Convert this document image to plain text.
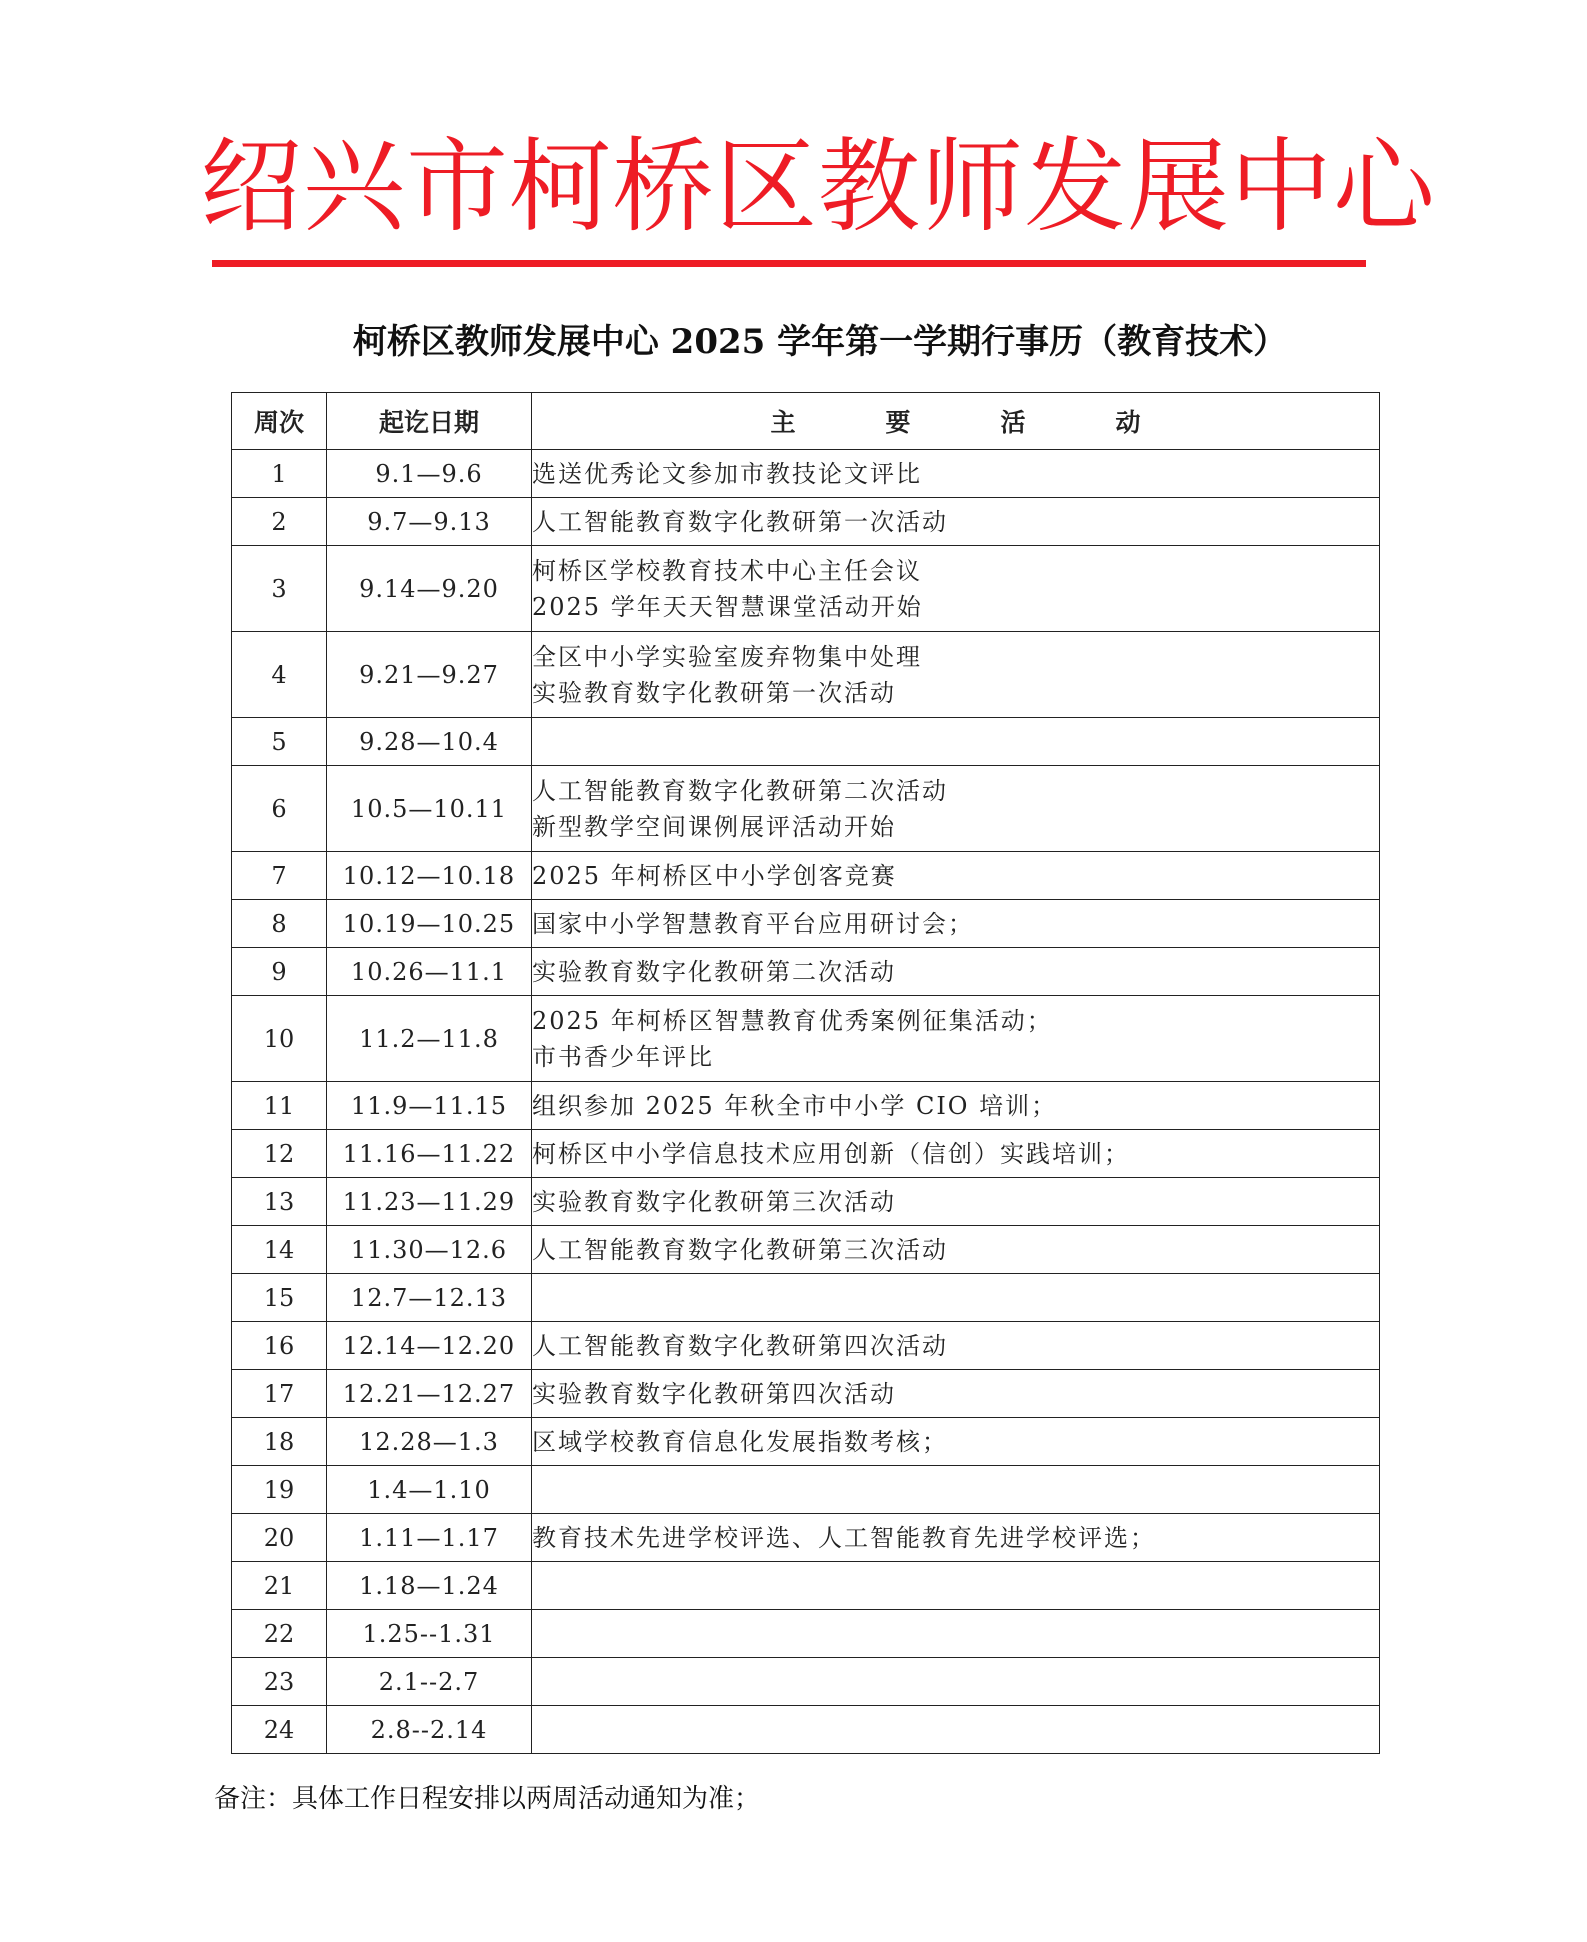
绍兴市柯桥区教师发展中心
柯桥区教师发展中心 2025 学年第一学期行事历（教育技术）
周次	起讫日期	主 要 活 动

1	9.1—9.6	选送优秀论文参加市教技论文评比

2	9.7—9.13	人工智能教育数字化教研第一次活动

3	9.14—9.20	柯桥区学校教育技术中心主任会议
2025 学年天天智慧课堂活动开始

4	9.21—9.27	全区中小学实验室废弃物集中处理
实验教育数字化教研第一次活动

5	9.28—10.4	
6	10.5—10.11	人工智能教育数字化教研第二次活动
新型教学空间课例展评活动开始

7	10.12—10.18	2025 年柯桥区中小学创客竞赛

8	10.19—10.25	国家中小学智慧教育平台应用研讨会；

9	10.26—11.1	实验教育数字化教研第二次活动

10	11.2—11.8	2025 年柯桥区智慧教育优秀案例征集活动；
市书香少年评比

11	11.9—11.15	组织参加 2025 年秋全市中小学 CIO 培训；

12	11.16—11.22	柯桥区中小学信息技术应用创新（信创）实践培训；

13	11.23—11.29	实验教育数字化教研第三次活动

14	11.30—12.6	人工智能教育数字化教研第三次活动

15	12.7—12.13	
16	12.14—12.20	人工智能教育数字化教研第四次活动

17	12.21—12.27	实验教育数字化教研第四次活动

18	12.28—1.3	区域学校教育信息化发展指数考核；

19	1.4—1.10	
20	1.11—1.17	教育技术先进学校评选、人工智能教育先进学校评选；

21	1.18—1.24	
22	1.25--1.31	
23	2.1--2.7	
24	2.8--2.14	
备注：具体工作日程安排以两周活动通知为准；
